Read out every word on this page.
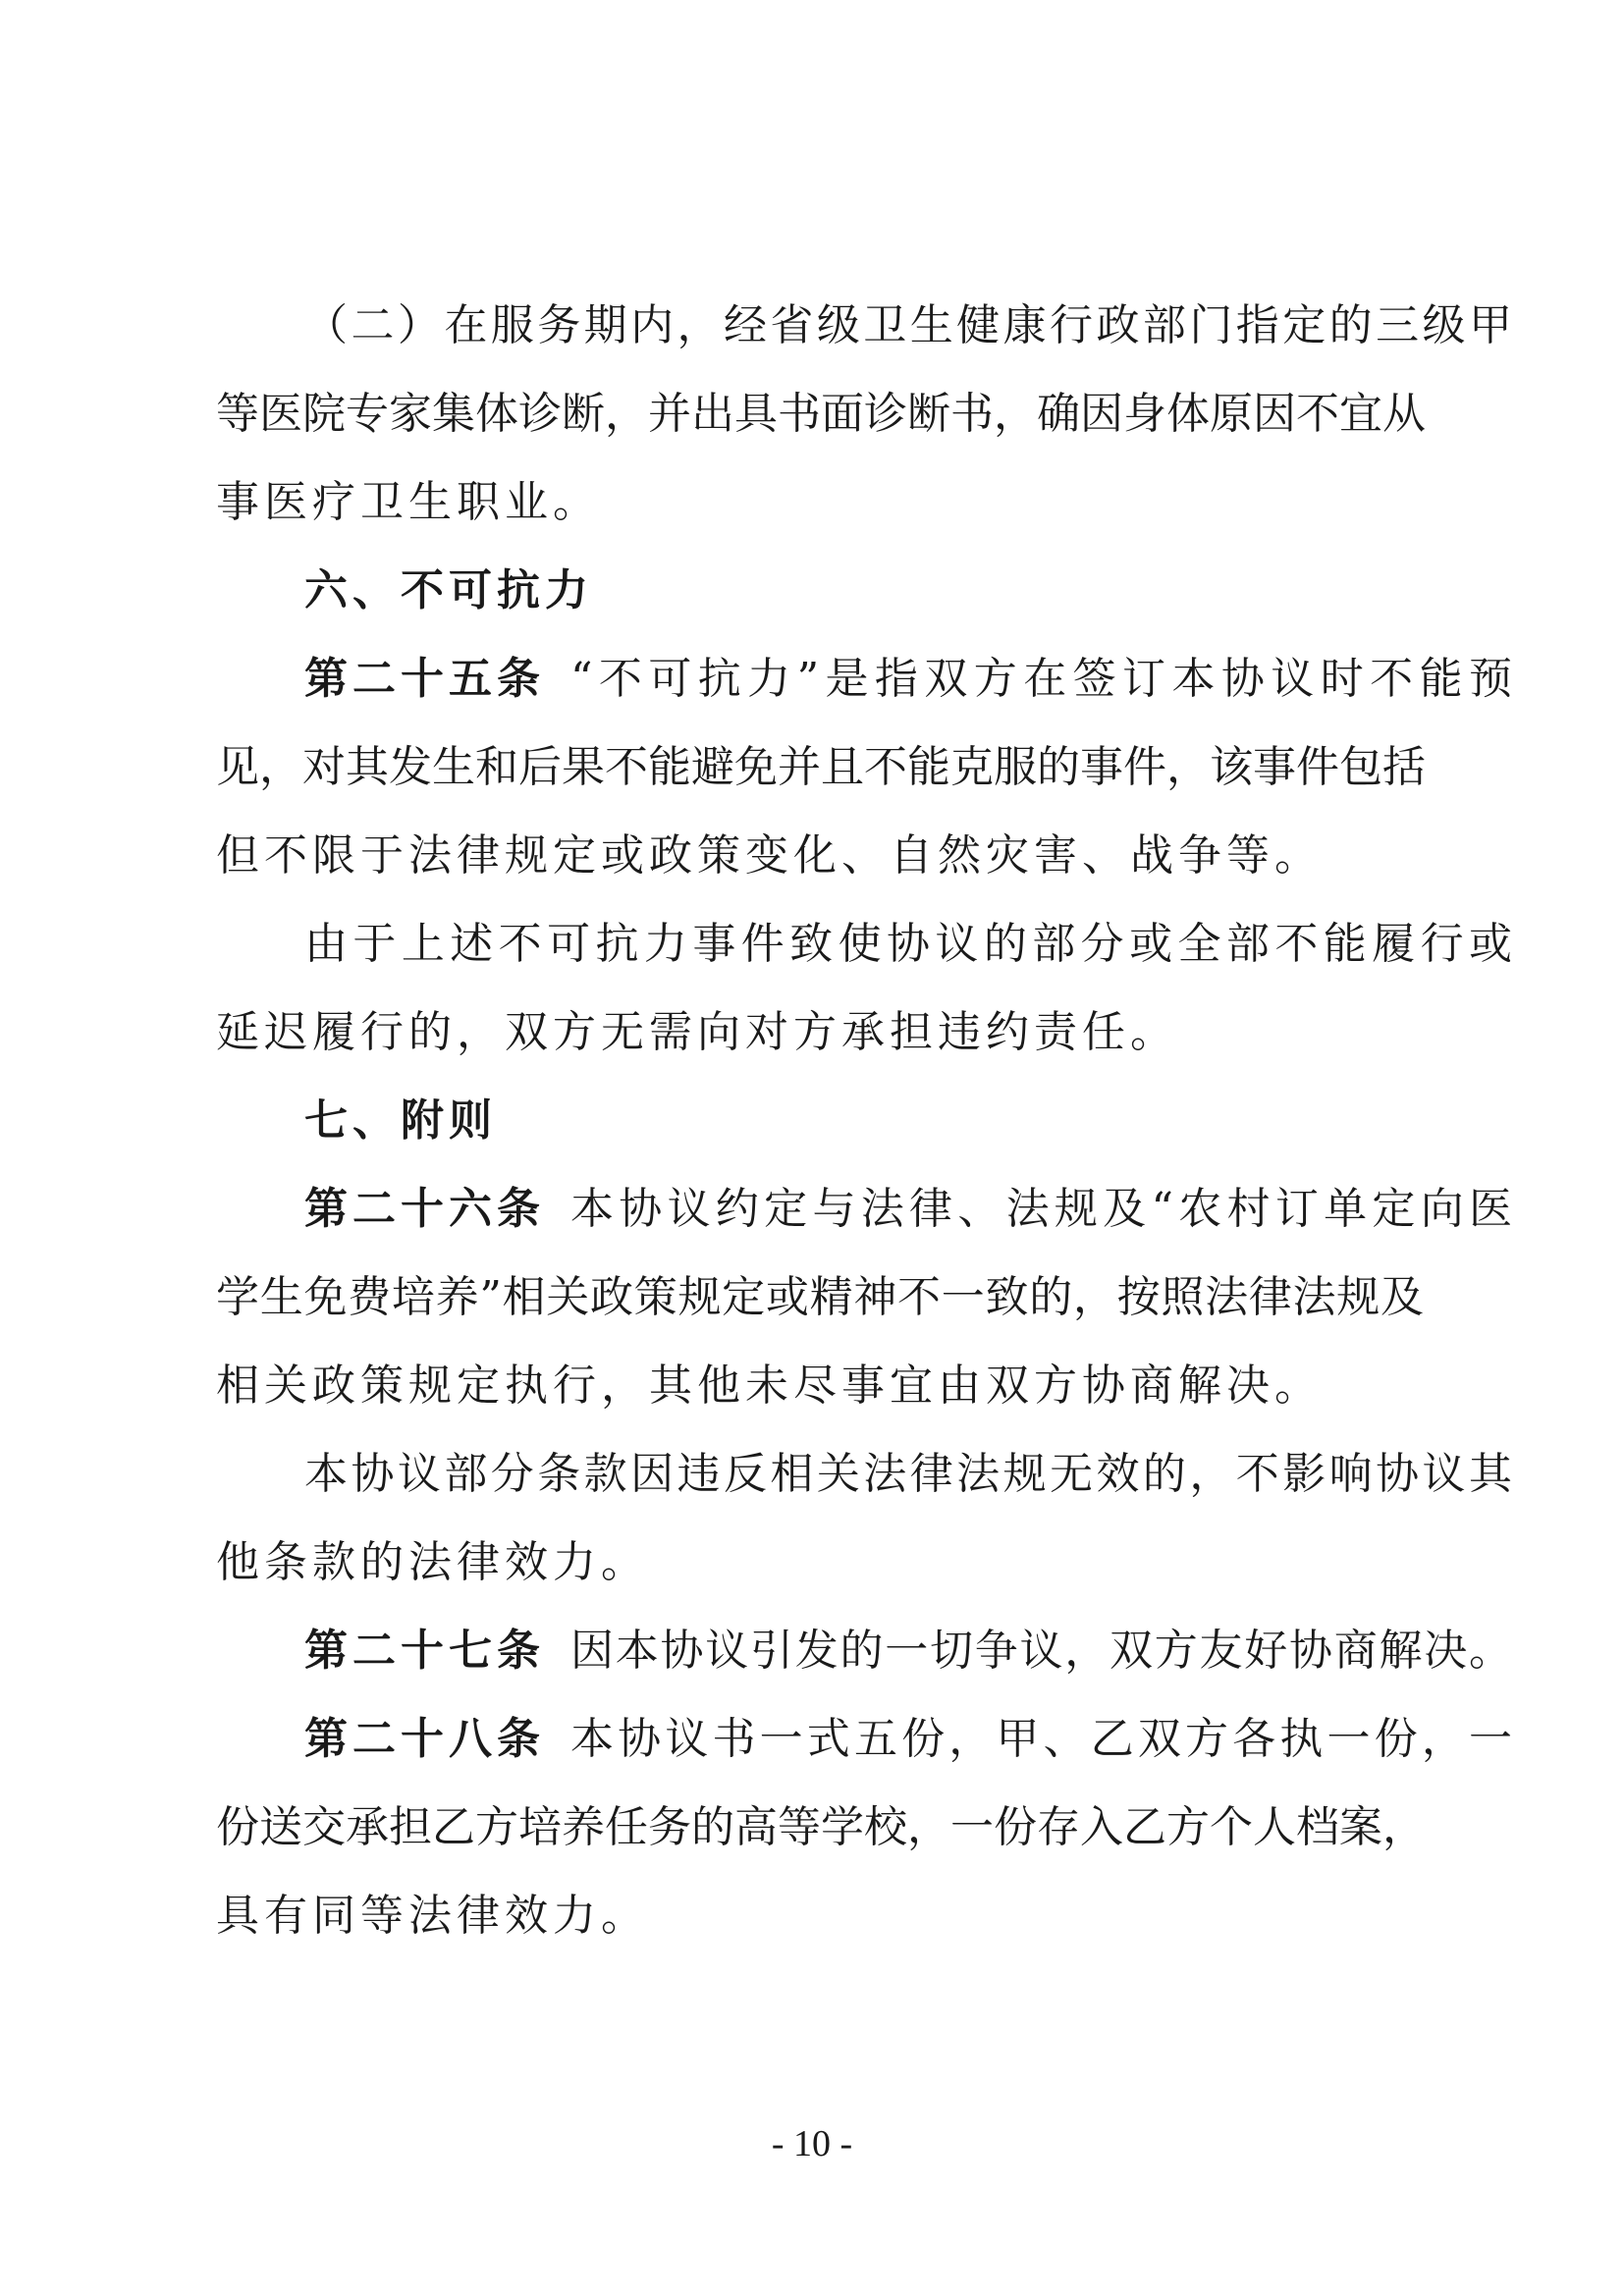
（二）在服务期内，经省级卫生健康行政部门指定的三级甲
等医院专家集体诊断，并出具书面诊断书，确因身体原因不宜从
事医疗卫生职业。
六、不可抗力
第二十五条 “不可抗力”是指双方在签订本协议时不能预
见，对其发生和后果不能避免并且不能克服的事件，该事件包括
但不限于法律规定或政策变化、自然灾害、战争等。
由于上述不可抗力事件致使协议的部分或全部不能履行或
延迟履行的，双方无需向对方承担违约责任。
七、附则
第二十六条 本协议约定与法律、法规及“农村订单定向医
学生免费培养”相关政策规定或精神不一致的，按照法律法规及
相关政策规定执行，其他未尽事宜由双方协商解决。
本协议部分条款因违反相关法律法规无效的，不影响协议其
他条款的法律效力。
第二十七条 因本协议引发的一切争议，双方友好协商解决。
第二十八条 本协议书一式五份，甲、乙双方各执一份，一
份送交承担乙方培养任务的高等学校，一份存入乙方个人档案，
具有同等法律效力。
- 10 -
